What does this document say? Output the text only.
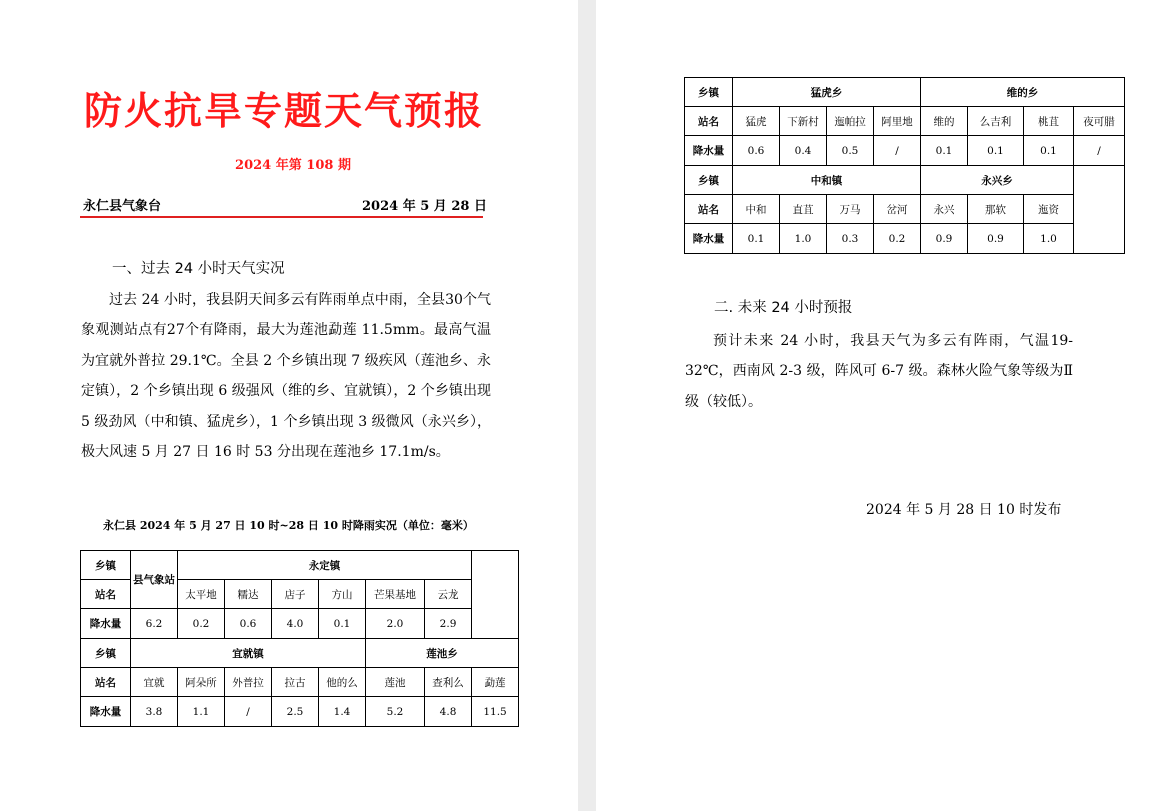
防火抗旱专题天气预报
2024 年第 108 期
永仁县气象台	2024 年 5 月 28 日
一、过去 24 小时天气实况

过去 24 小时，我县阴天间多云有阵雨单点中雨，全县30个气象观测站点有27个有降雨，最大为莲池勐莲 11.5mm。最高气温为宜就外普拉 29.1℃。全县 2 个乡镇出现 7 级疾风（莲池乡、永定镇），2 个乡镇出现 6 级强风（维的乡、宜就镇），2 个乡镇出现 5 级劲风（中和镇、猛虎乡），1 个乡镇出现 3 级微风（永兴乡），极大风速 5 月 27 日 16 时 53 分出现在莲池乡 17.1m/s。

永仁县 2024 年 5 月 27 日 10 时~28 日 10 时降雨实况（单位：毫米）
乡镇	县气象站	永定镇						
站名		太平地	糯达	店子	方山	芒果基地	云龙	
降水量	6.2	0.2	0.6	4.0	0.1	2.0	2.9	
乡镇	宜就镇					莲池乡		
站名	宜就	阿朵所	外普拉	拉古	他的么	莲池	查利么	勐莲
降水量	3.8	1.1	/	2.5	1.4	5.2	4.8	11.5
乡镇	猛虎乡				维的乡			
站名	猛虎	下新村	迤帕拉	阿里地	维的	么吉利	桃苴	夜可腊
降水量	0.6	0.4	0.5	/	0.1	0.1	0.1	/
乡镇	中和镇				永兴乡			
站名	中和	直苴	万马	岔河	永兴	那软	迤资	
降水量	0.1	1.0	0.3	0.2	0.9	0.9	1.0	
二. 未来 24 小时预报

预计未来 24 小时，我县天气为多云有阵雨，气温19-32℃，西南风 2-3 级，阵风可 6-7 级。森林火险气象等级为Ⅱ级（较低）。

2024 年 5 月 28 日 10 时发布
